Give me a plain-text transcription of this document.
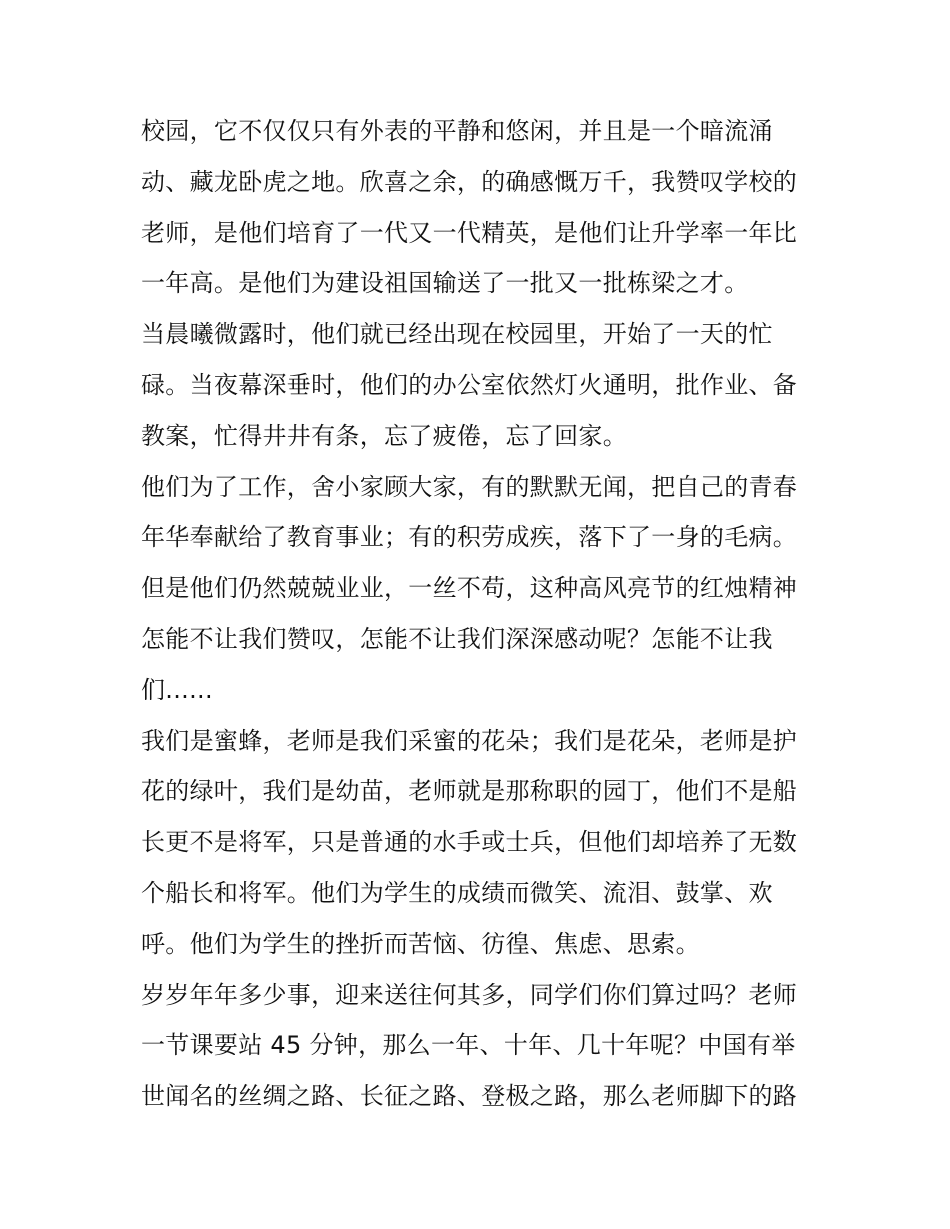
校园，它不仅仅只有外表的平静和悠闲，并且是一个暗流涌
动、藏龙卧虎之地。欣喜之余，的确感慨万千，我赞叹学校的
老师，是他们培育了一代又一代精英，是他们让升学率一年比
一年高。是他们为建设祖国输送了一批又一批栋梁之才。
当晨曦微露时，他们就已经出现在校园里，开始了一天的忙
碌。当夜幕深垂时，他们的办公室依然灯火通明，批作业、备
教案，忙得井井有条，忘了疲倦，忘了回家。
他们为了工作，舍小家顾大家，有的默默无闻，把自己的青春
年华奉献给了教育事业；有的积劳成疾，落下了一身的毛病。
但是他们仍然兢兢业业，一丝不苟，这种高风亮节的红烛精神
怎能不让我们赞叹，怎能不让我们深深感动呢？怎能不让我
们......
我们是蜜蜂，老师是我们采蜜的花朵；我们是花朵，老师是护
花的绿叶，我们是幼苗，老师就是那称职的园丁，他们不是船
长更不是将军，只是普通的水手或士兵，但他们却培养了无数
个船长和将军。他们为学生的成绩而微笑、流泪、鼓掌、欢
呼。他们为学生的挫折而苦恼、彷徨、焦虑、思索。
岁岁年年多少事，迎来送往何其多，同学们你们算过吗？老师
一节课要站 45 分钟，那么一年、十年、几十年呢？中国有举
世闻名的丝绸之路、长征之路、登极之路，那么老师脚下的路
